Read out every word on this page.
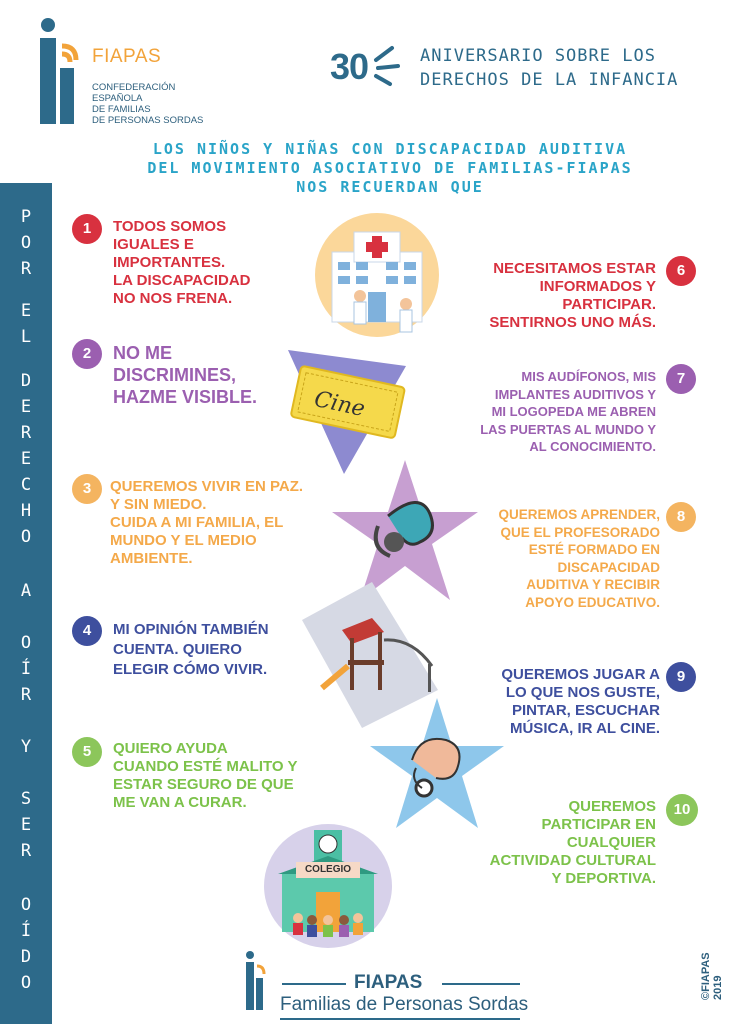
FIAPAS
CONFEDERACIÓN
ESPAÑOLA
DE FAMILIAS
DE PERSONAS SORDAS
30	ANIVERSARIO SOBRE LOS
DERECHOS DE LA INFANCIA
LOS NIÑOS Y NIÑAS CON DISCAPACIDAD AUDITIVA
DEL MOVIMIENTO ASOCIATIVO DE FAMILIAS-FIAPAS
NOS RECUERDAN QUE
P
O
R
E
L
D
E
R
E
C
H
O
A
O
Í
R
Y
S
E
R
O
Í
D
O
1	TODOS SOMOS
IGUALES E
IMPORTANTES.
LA DISCAPACIDAD
NO NOS FRENA.
2	NO ME
DISCRIMINES,
HAZME VISIBLE.
3	QUEREMOS VIVIR EN PAZ.
Y SIN MIEDO.
CUIDA A MI FAMILIA, EL
MUNDO Y EL MEDIO
AMBIENTE.
4	MI OPINIÓN TAMBIÉN
CUENTA. QUIERO
ELEGIR CÓMO VIVIR.
5	QUIERO AYUDA
CUANDO ESTÉ MALITO Y
ESTAR SEGURO DE QUE
ME VAN A CURAR.
6
NECESITAMOS ESTAR
INFORMADOS Y
PARTICIPAR.
SENTIRNOS UNO MÁS.
7
MIS AUDÍFONOS, MIS
IMPLANTES AUDITIVOS Y
MI LOGOPEDA ME ABREN
LAS PUERTAS AL MUNDO Y
AL CONOCIMIENTO.
8
QUEREMOS APRENDER,
QUE EL PROFESORADO
ESTÉ FORMADO EN
DISCAPACIDAD
AUDITIVA Y RECIBIR
APOYO EDUCATIVO.
9
QUEREMOS JUGAR A
LO QUE NOS GUSTE,
PINTAR, ESCUCHAR
MÚSICA, IR AL CINE.
10
QUEREMOS
PARTICIPAR EN
CUALQUIER
ACTIVIDAD CULTURAL
Y DEPORTIVA.
Cine
COLEGIO
FIAPAS
Familias de Personas Sordas
©FIAPAS 2019
